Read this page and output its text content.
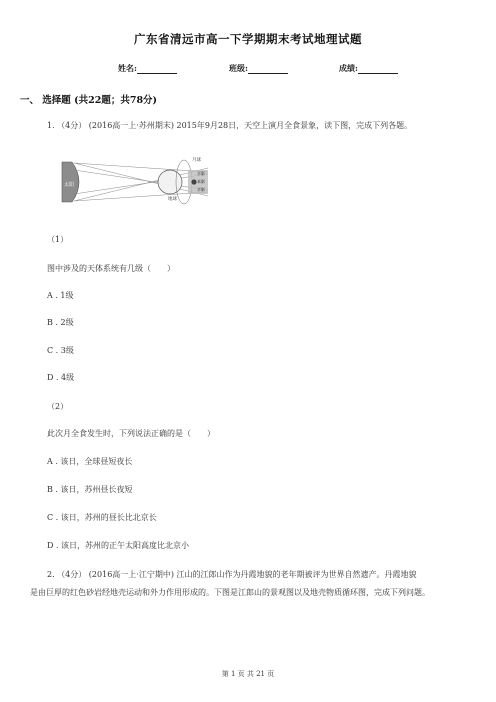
广东省清远市高一下学期期末考试地理试题
姓名:	班级:	成绩:
一、 选择题 (共22题；共78分)
1. （4分） (2016高一上·苏州期末) 2015年9月28日，天空上演月全食景象，读下图，完成下列各题。
太阳
地球
月球
半影
本影
半影
（1）
图中涉及的天体系统有几级（　　）
A . 1级
B . 2级
C . 3级
D . 4级
（2）
此次月全食发生时，下列说法正确的是（　　）
A . 该日，全球昼短夜长
B . 该日，苏州昼长夜短
C . 该日，苏州的昼长比北京长
D . 该日，苏州的正午太阳高度比北京小
2. （4分） (2016高一上·江宁期中) 江山的江郎山作为丹霞地貌的老年期被评为世界自然遗产。丹霞地貌
是由巨厚的红色砂岩经地壳运动和外力作用形成的。下图是江郎山的景观图以及地壳物质循环图，完成下列问题。
第 1 页 共 21 页
